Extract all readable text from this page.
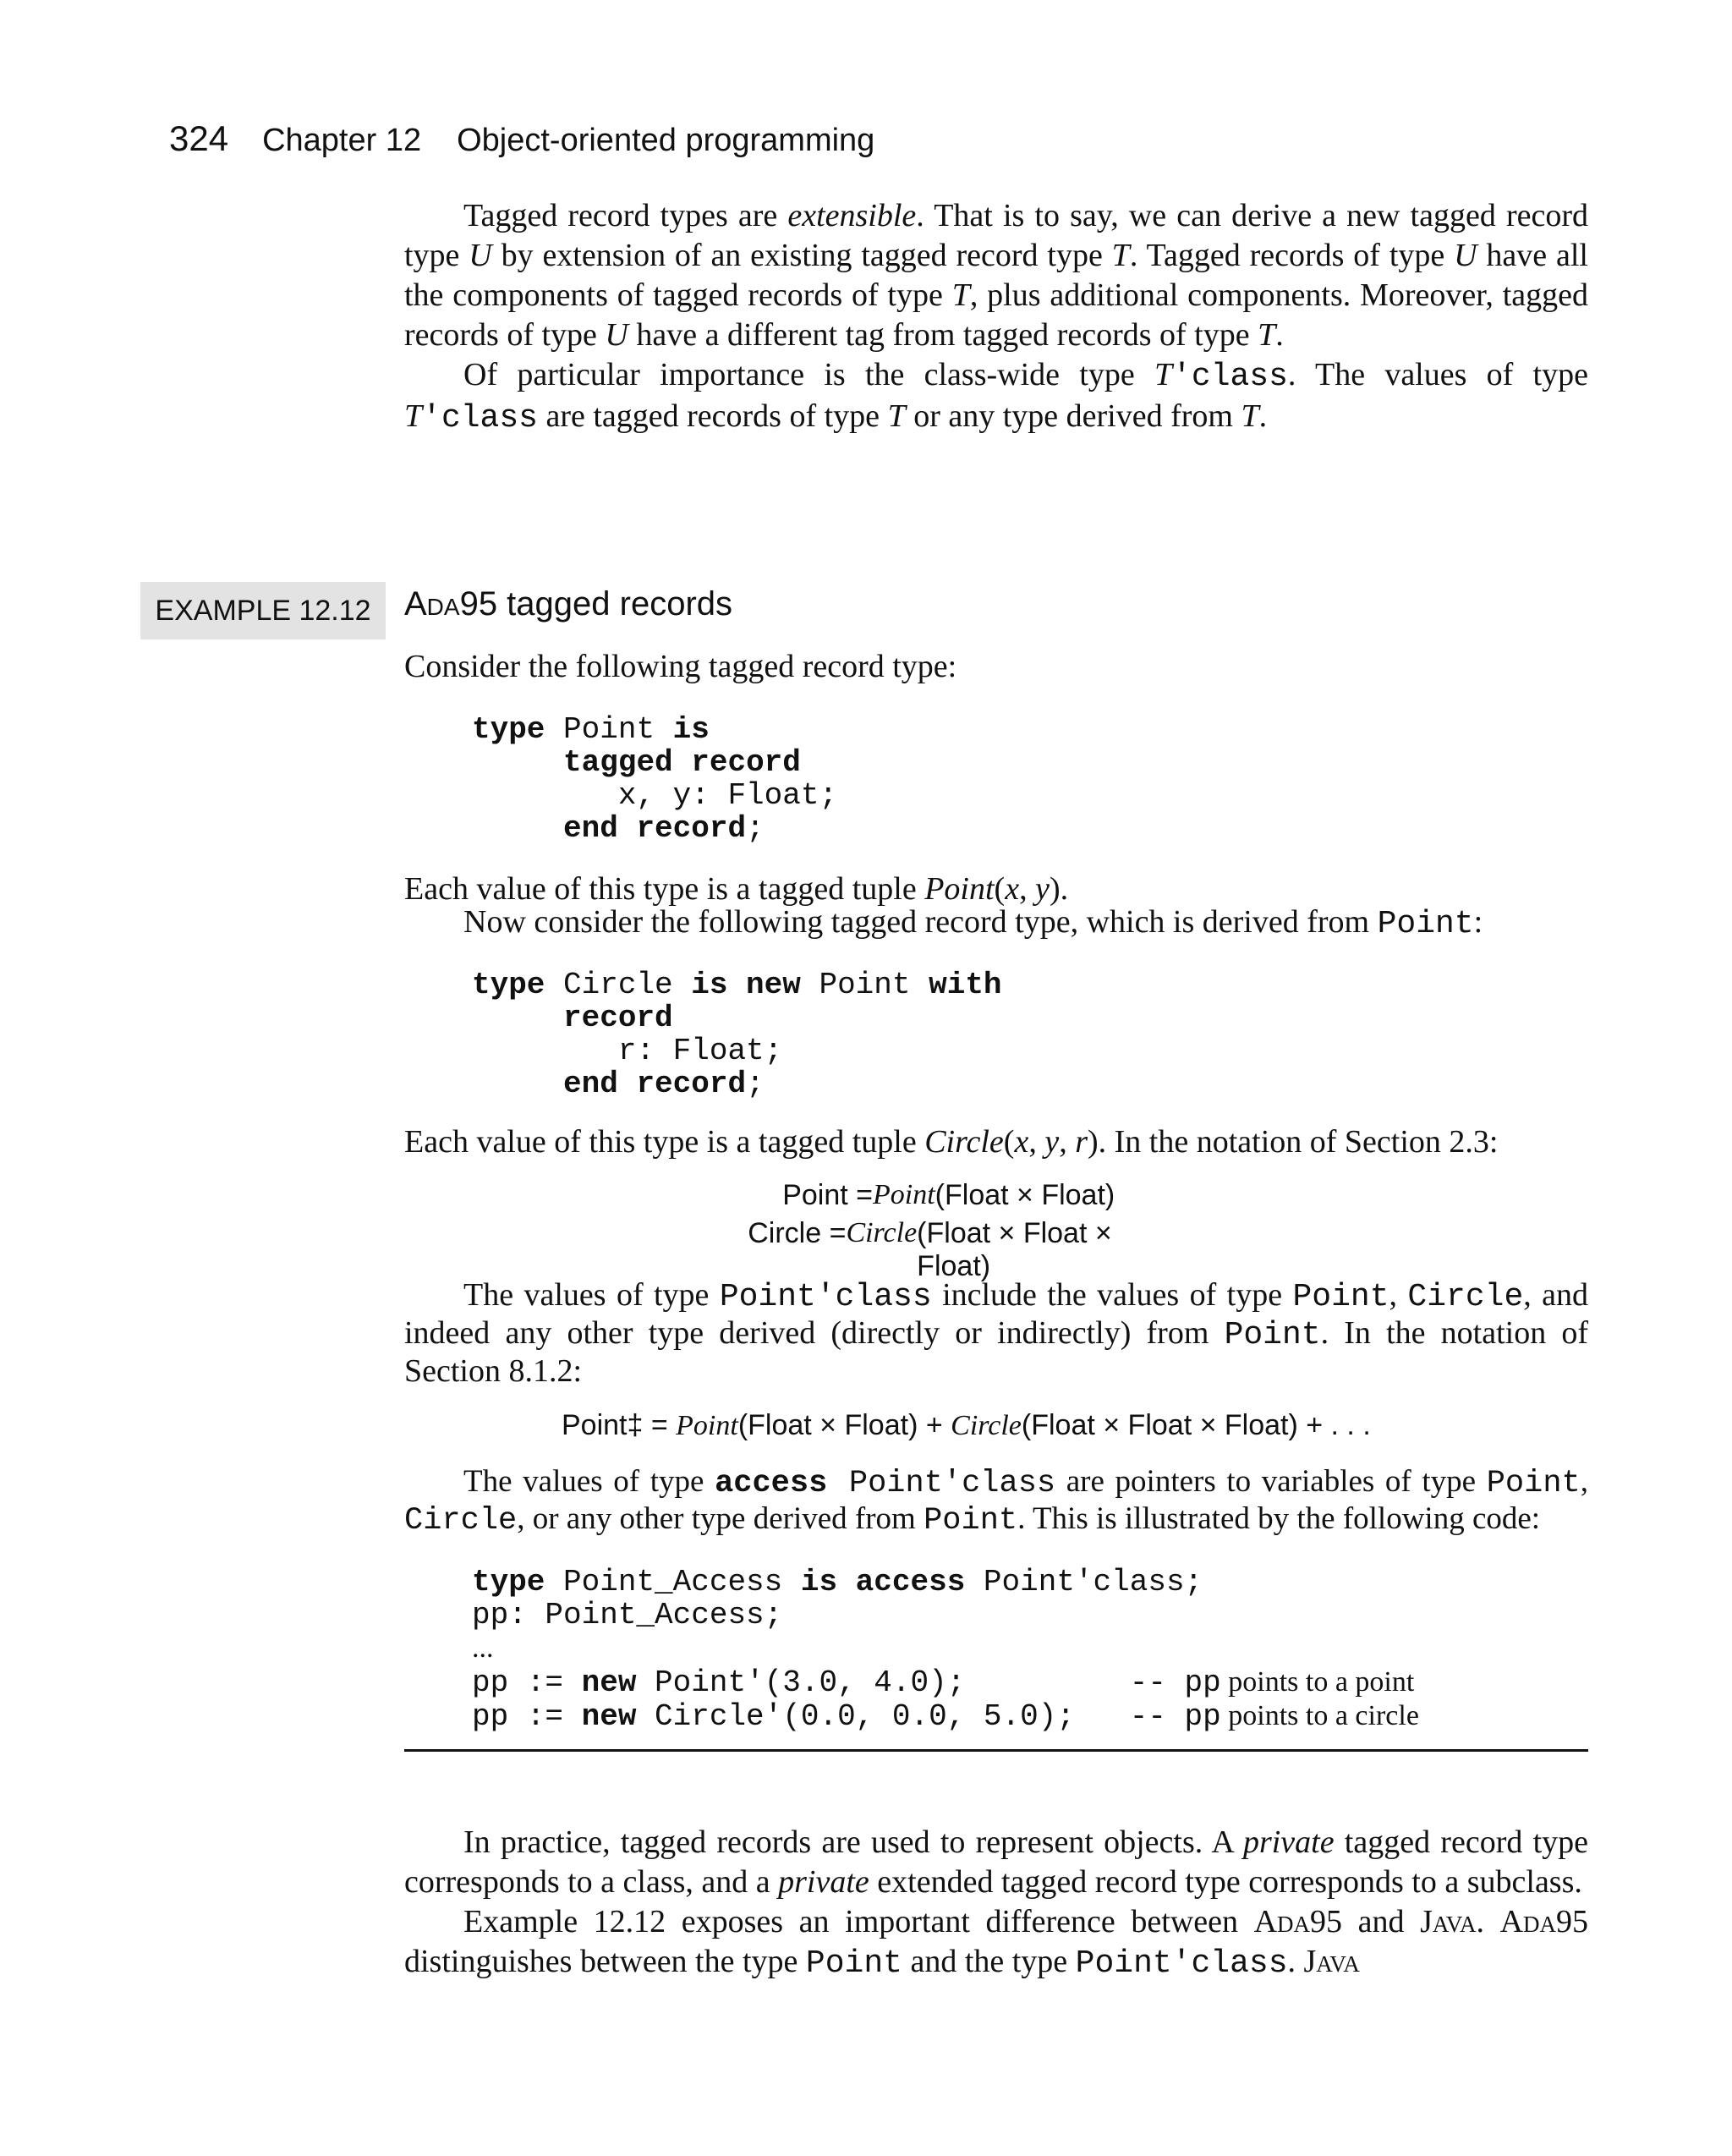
324 Chapter 12 Object-oriented programming

Tagged record types are extensible. That is to say, we can derive a new tagged record type U by extension of an existing tagged record type T. Tagged records of type U have all the components of tagged records of type T, plus additional components. Moreover, tagged records of type U have a different tag from tagged records of type T.

Of particular importance is the class-wide type T'class. The values of type T'class are tagged records of type T or any type derived from T.

EXAMPLE 12.12 Ada95 tagged records
Consider the following tagged record type:
type Point is
tagged record
x, y: Float;
end record;
Each value of this type is a tagged tuple Point(x, y).
Now consider the following tagged record type, which is derived from Point:
type Circle is new Point with
record
r: Float;
end record;
Each value of this type is a tagged tuple Circle(x, y, r). In the notation of Section 2.3:
Point = Point (Float × Float)
Circle = Circle (Float × Float × Float)
The values of type Point'class include the values of type Point, Circle, and indeed any other type derived (directly or indirectly) from Point. In the notation of Section 8.1.2:
Point‡ = Point(Float × Float) + Circle(Float × Float × Float) + . . .
The values of type access Point'class are pointers to variables of type Point, Circle, or any other type derived from Point. This is illustrated by the following code:
type Point_Access is access Point'class;
pp: Point_Access;
...
pp := new Point'(3.0, 4.0);         -- pp points to a point
pp := new Circle'(0.0, 0.0, 5.0);   -- pp points to a circle

In practice, tagged records are used to represent objects. A private tagged record type corresponds to a class, and a private extended tagged record type corresponds to a subclass.

Example 12.12 exposes an important difference between Ada95 and Java. Ada95 distinguishes between the type Point and the type Point'class. Java
